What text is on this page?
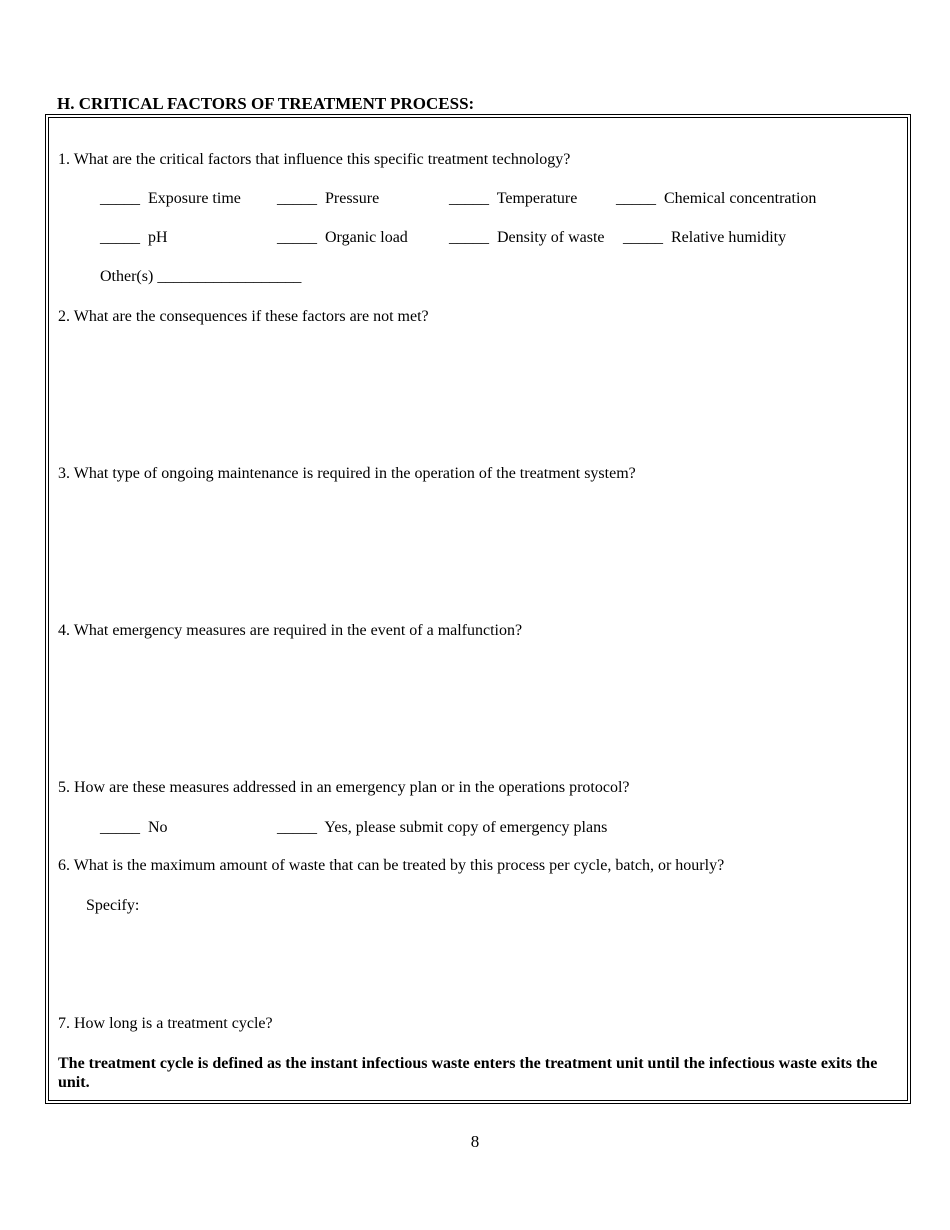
H. CRITICAL FACTORS OF TREATMENT PROCESS:
1. What are the critical factors that influence this specific treatment technology?
_____ Exposure time _____ Pressure	_____ Temperature _____ Chemical concentration
_____ pH	_____ Organic load	_____ Density of waste _____ Relative humidity
Other(s) __________________
2. What are the consequences if these factors are not met?
3. What type of ongoing maintenance is required in the operation of the treatment system?
4. What emergency measures are required in the event of a malfunction?
5. How are these measures addressed in an emergency plan or in the operations protocol?
_____ No	_____ Yes, please submit copy of emergency plans
6. What is the maximum amount of waste that can be treated by this process per cycle, batch, or hourly?
Specify:
7. How long is a treatment cycle?
The treatment cycle is defined as the instant infectious waste enters the treatment unit until the infectious waste exits the unit.
8
